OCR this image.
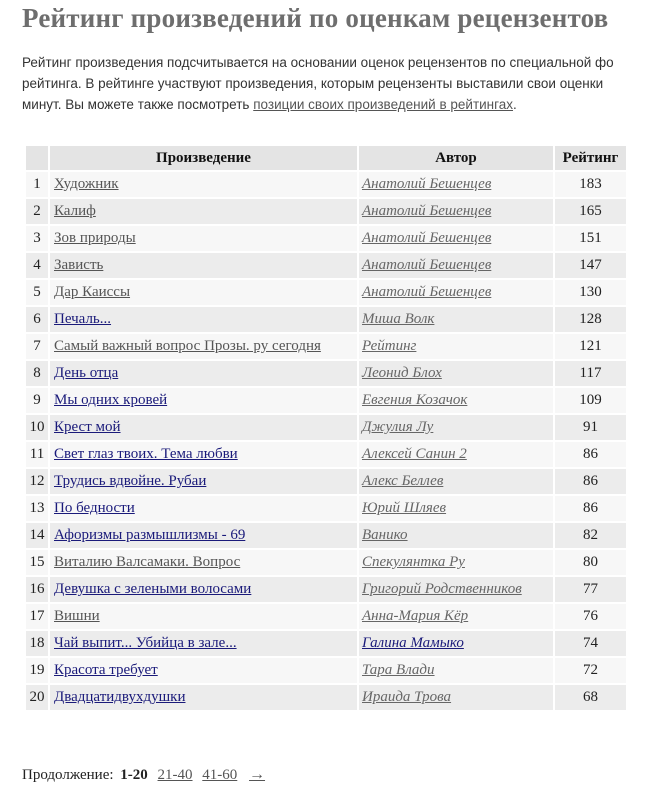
Рейтинг произведений по оценкам рецензентов
Рейтинг произведения подсчитывается на основании оценок рецензентов по специальной фо
рейтинга. В рейтинге участвуют произведения, которым рецензенты выставили свои оценки
минут. Вы можете также посмотреть позиции своих произведений в рейтингах.
	Произведение	Автор	Рейтинг
1	Художник	Анатолий Бешенцев	183
2	Калиф	Анатолий Бешенцев	165
3	Зов природы	Анатолий Бешенцев	151
4	Зависть	Анатолий Бешенцев	147
5	Дар Каиссы	Анатолий Бешенцев	130
6	Печаль...	Миша Волк	128
7	Самый важный вопрос Прозы. ру сегодня	Рейтинг	121
8	День отца	Леонид Блох	117
9	Мы одних кровей	Евгения Козачок	109
10	Крест мой	Джулия Лу	91
11	Свет глаз твоих. Тема любви	Алексей Санин 2	86
12	Трудись вдвойне. Рубаи	Алекс Беллев	86
13	По бедности	Юрий Шляев	86
14	Афоризмы размышлизмы - 69	Ванико	82
15	Виталию Валсамаки. Вопрос	Спекулянтка Ру	80
16	Девушка с зелеными волосами	Григорий Родственников	77
17	Вишни	Анна-Мария Кёр	76
18	Чай выпит... Убийца в зале...	Галина Мамыко	74
19	Красота требует	Тара Влади	72
20	Двадцатидвухдушки	Ираида Трова	68
Продолжение: 1-20 21-40 41-60 →
